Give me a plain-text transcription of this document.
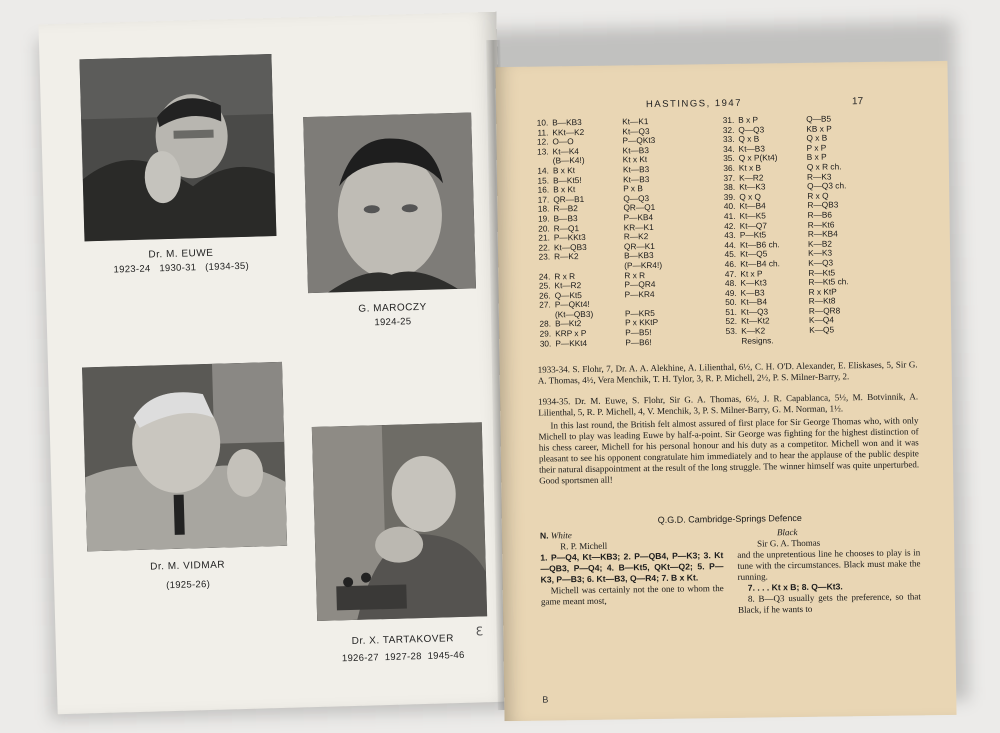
Dr. M. EUWE
1923-24 1930-31 (1934-35)
G. MAROCZY
1924-25
Dr. M. VIDMAR
(1925-26)
Dr. X. TARTAKOVER
1926-27 1927-28 1945-46
ℇ
HASTINGS, 1947	17
10. B—KB3	Kt—K1
11. KKt—K2	Kt—Q3
12. O—O	P—QKt3
13. Kt—K4	Kt—B3
(B—K4!)	Kt x Kt
14. B x Kt	Kt—B3
15. B—Kt5!	Kt—B3
16. B x Kt	P x B
17. QR—B1	Q—Q3
18. R—B2	QR—Q1
19. B—B3	P—KB4
20. R—Q1	KR—K1
21. P—KKt3	R—K2
22. Kt—QB3	QR—K1
23. R—K2	B—KB3
(P—KR4!)
24. R x R	R x R
25. Kt—R2	P—QR4
26. Q—Kt5	P—KR4
27. P—QKt4!
(Kt—QB3)	P—KR5
28. B—Kt2	P x KKtP
29. KRP x P	P—B5!
30. P—KKt4	P—B6!
31. B x P	Q—B5
32. Q—Q3	KB x P
33. Q x B	Q x B
34. Kt—B3	P x P
35. Q x P(Kt4)	B x P
36. Kt x B	Q x R ch.
37. K—R2	R—K3
38. Kt—K3	Q—Q3 ch.
39. Q x Q	R x Q
40. Kt—B4	R—QB3
41. Kt—K5	R—B6
42. Kt—Q7	R—Kt6
43. P—Kt5	R—KB4
44. Kt—B6 ch.	K—B2
45. Kt—Q5	K—K3
46. Kt—B4 ch.	K—Q3
47. Kt x P	R—Kt5
48. K—Kt3	R—Kt5 ch.
49. K—B3	R x KtP
50. Kt—B4	R—Kt8
51. Kt—Q3	R—QR8
52. Kt—Kt2	K—Q4
53. K—K2	K—Q5
Resigns.
1933-34. S. Flohr, 7, Dr. A. A. Alekhine, A. Lilienthal, 6½, C. H. O'D. Alexander, E. Eliskases, 5, Sir G. A. Thomas, 4½, Vera Menchik, T. H. Tylor, 3, R. P. Michell, 2½, P. S. Milner-Barry, 2.
1934-35. Dr. M. Euwe, S. Flohr, Sir G. A. Thomas, 6½, J. R. Capablanca, 5½, M. Botvinnik, A. Lilienthal, 5, R. P. Michell, 4, V. Menchik, 3, P. S. Milner-Barry, G. M. Norman, 1½.
In this last round, the British felt almost assured of first place for Sir George Thomas who, with only Michell to play was leading Euwe by half-a-point. Sir George was fighting for the highest distinction of his chess career, Michell for his personal honour and his duty as a competitor. Michell won and it was pleasant to see his opponent congratulate him immediately and to hear the applause of the public despite their natural disappointment at the result of the long struggle. The winner himself was quite unperturbed. Good sportsmen all!
Q.G.D. Cambridge-Springs Defence
N. White
R. P. Michell
1. P—Q4, Kt—KB3; 2. P—QB4, P—K3; 3. Kt—QB3, P—Q4; 4. B—Kt5, QKt—Q2; 5. P—K3, P—B3; 6. Kt—B3, Q—R4; 7. B x Kt.
Michell was certainly not the one to whom the game meant most,
Black
Sir G. A. Thomas
and the unpretentious line he chooses to play is in tune with the circumstances. Black must make the running.
7. . . . Kt x B; 8. Q—Kt3.
8. B—Q3 usually gets the preference, so that Black, if he wants to
B
